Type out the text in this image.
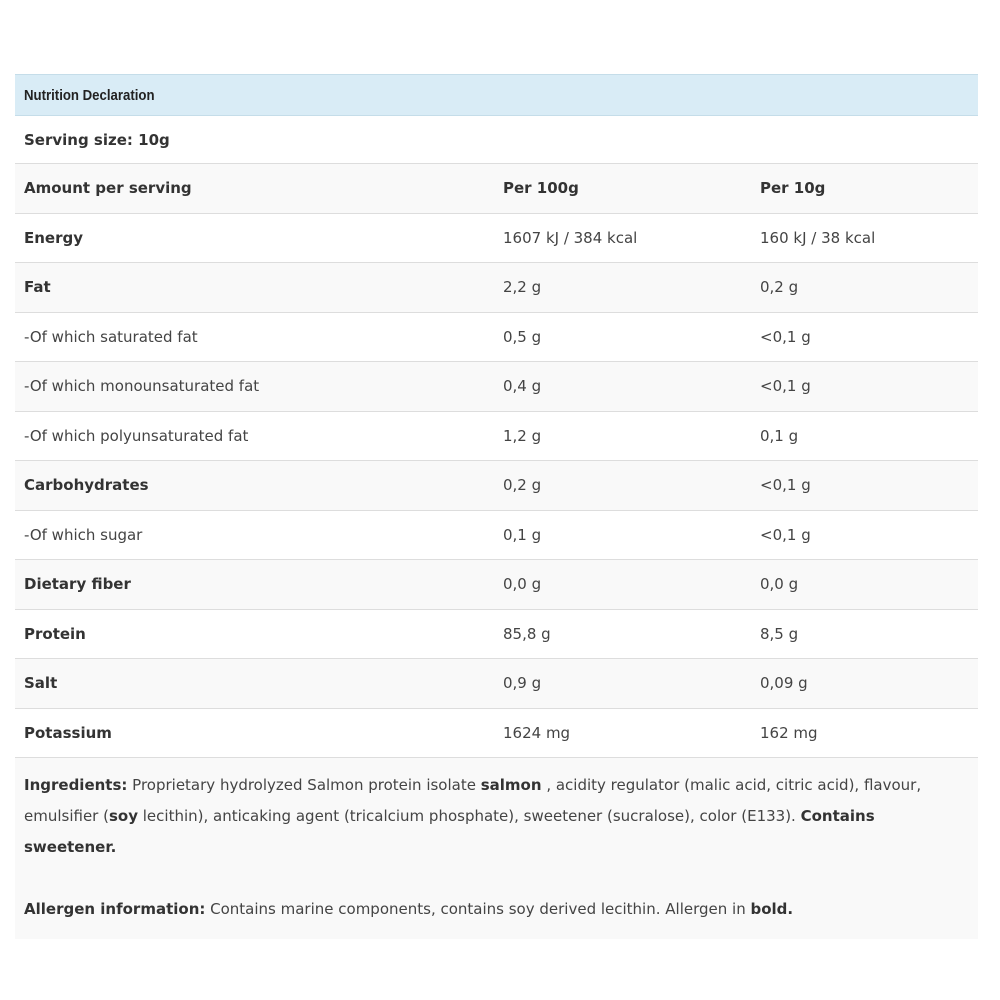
Nutrition Declaration
Serving size: 10g
Amount per serving	Per 100g	Per 10g
Energy	1607 kJ / 384 kcal	160 kJ / 38 kcal
Fat	2,2 g	0,2 g
-Of which saturated fat	0,5 g	<0,1 g
-Of which monounsaturated fat	0,4 g	<0,1 g
-Of which polyunsaturated fat	1,2 g	0,1 g
Carbohydrates	0,2 g	<0,1 g
-Of which sugar	0,1 g	<0,1 g
Dietary fiber	0,0 g	0,0 g
Protein	85,8 g	8,5 g
Salt	0,9 g	0,09 g
Potassium	1624 mg	162 mg

Ingredients: Proprietary hydrolyzed Salmon protein isolate salmon , acidity regulator (malic acid, citric acid), flavour, emulsifier (soy lecithin), anticaking agent (tricalcium phosphate), sweetener (sucralose), color (E133). Contains sweetener.

Allergen information: Contains marine components, contains soy derived lecithin. Allergen in bold.
